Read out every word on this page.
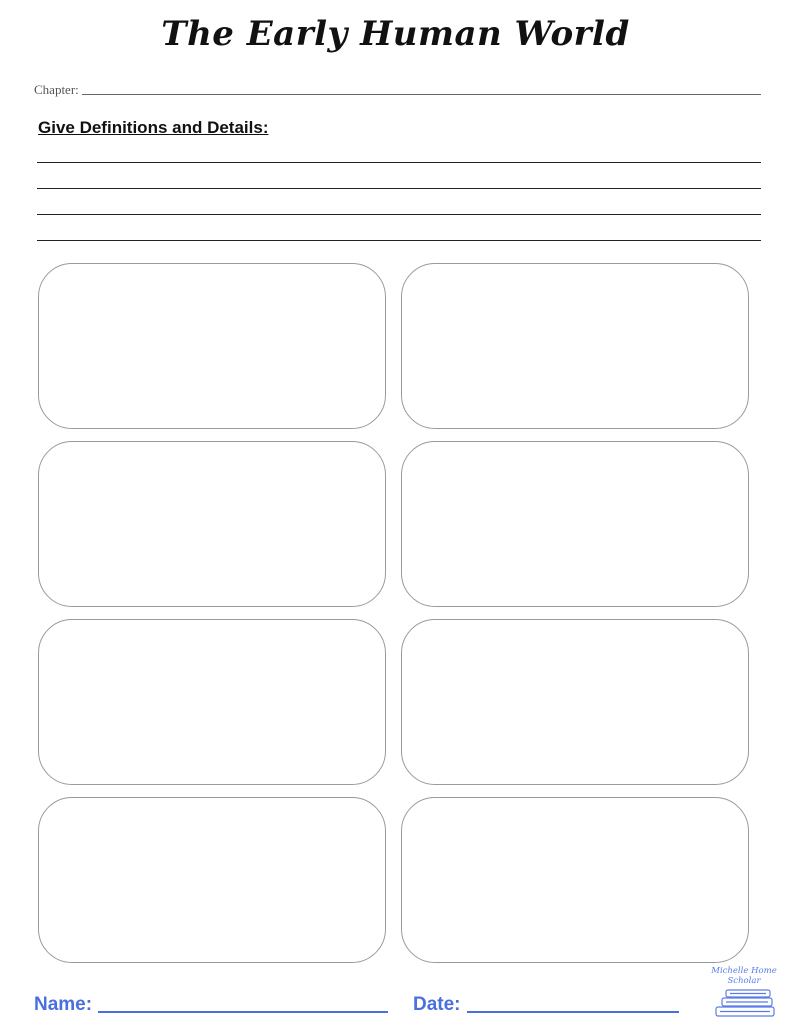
The Early Human World
Chapter:
Give Definitions and Details:
Name:	Date:
Michelle Home
Scholar
